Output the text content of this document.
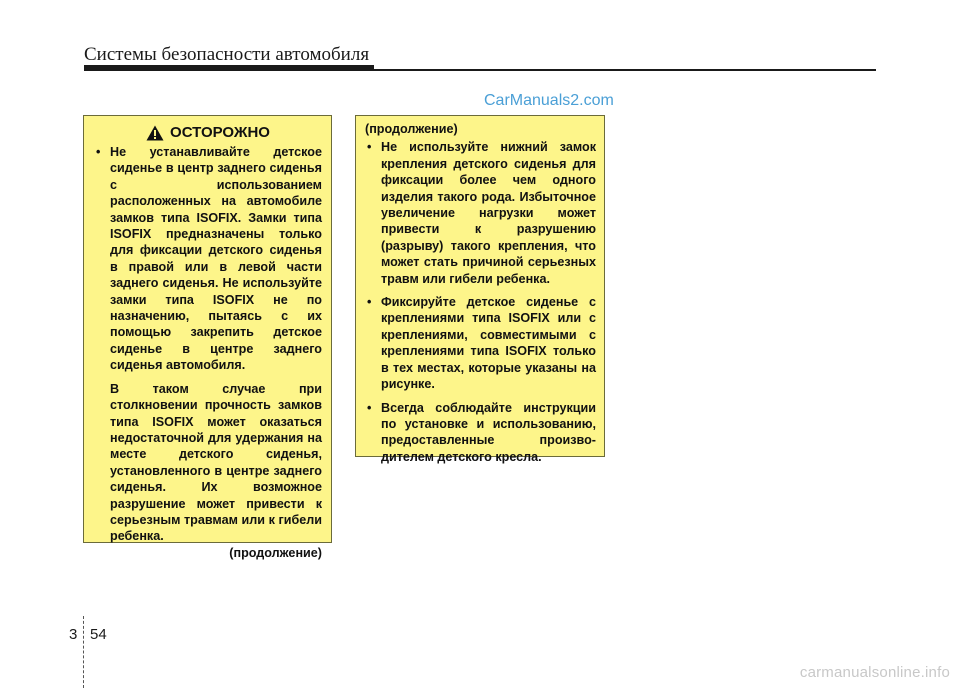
Системы безопасности автомобиля
CarManuals2.com
ОСТОРОЖНО
• Не устанавливайте детское сиденье в центр заднего сиденья с использованием расположенных на автомобиле замков типа ISOFIX. Замки типа ISOFIX предназначены только для фиксации детского сиденья в правой или в левой части заднего сиденья. Не используйте замки типа ISOFIX не по назначению, пытаясь с их помощью закрепить детское сиденье в центре заднего сиденья автомобиля.
В таком случае при столкновении прочность замков типа ISOFIX может оказаться недостаточной для удержания на месте детского сиденья, установленного в центре заднего сиденья. Их возможное разрушение может привести к серьезным травмам или к гибели ребенка.
(продолжение)
(продолжение)
• Не используйте нижний замок крепления детского сиденья для фиксации более чем одного изделия такого рода. Избыточное увеличение нагрузки может привести к разрушению (разрыву) такого крепления, что может стать причиной серьезных травм или гибели ребенка.
• Фиксируйте детское сиденье с креплениями типа ISOFIX или с креплениями, совместимыми с креплениями типа ISOFIX только в тех местах, которые указаны на рисунке.
• Всегда соблюдайте инструкции по установке и использованию, предоставленные произво-дителем детского кресла.
3 54
carmanualsonline.info
